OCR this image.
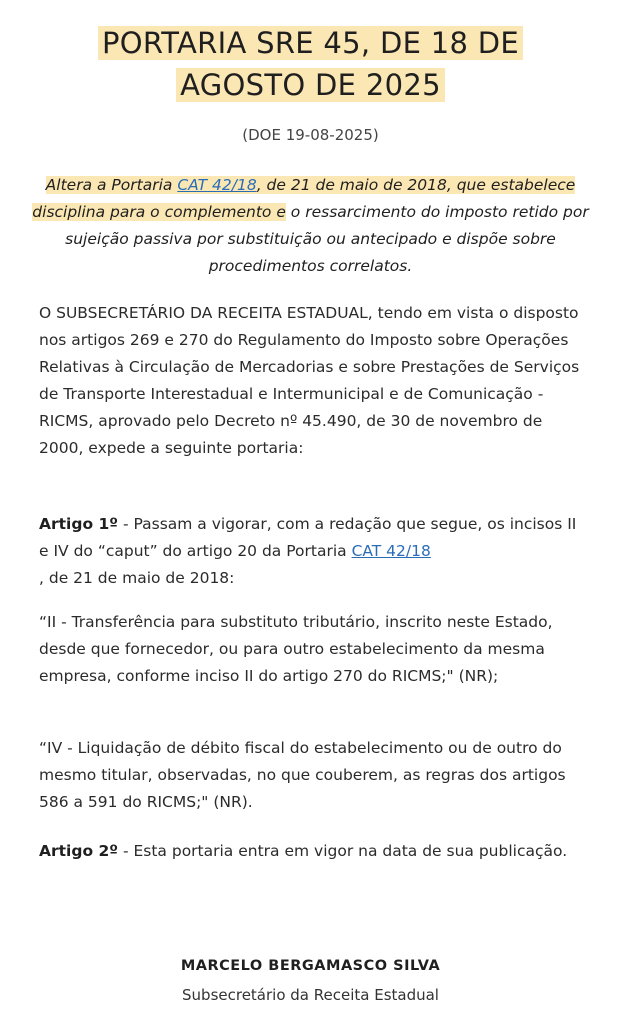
PORTARIA SRE 45, DE 18 DE
AGOSTO DE 2025

(DOE 19-08-2025)

Altera a Portaria CAT 42/18, de 21 de maio de 2018, que estabelece disciplina para o complemento e o ressarcimento do imposto retido por sujeição passiva por substituição ou antecipado e dispõe sobre procedimentos correlatos.

O SUBSECRETÁRIO DA RECEITA ESTADUAL, tendo em vista o disposto nos artigos 269 e 270 do Regulamento do Imposto sobre Operações Relativas à Circulação de Mercadorias e sobre Prestações de Serviços de Transporte Interestadual e Intermunicipal e de Comunicação - RICMS, aprovado pelo Decreto nº 45.490, de 30 de novembro de 2000, expede a seguinte portaria:

Artigo 1º - Passam a vigorar, com a redação que segue, os incisos II e IV do “caput” do artigo 20 da Portaria CAT 42/18
, de 21 de maio de 2018:

“II - Transferência para substituto tributário, inscrito neste Estado, desde que fornecedor, ou para outro estabelecimento da mesma empresa, conforme inciso II do artigo 270 do RICMS;" (NR);

“IV - Liquidação de débito fiscal do estabelecimento ou de outro do mesmo titular, observadas, no que couberem, as regras dos artigos 586 a 591 do RICMS;" (NR).

Artigo 2º - Esta portaria entra em vigor na data de sua publicação.

MARCELO BERGAMASCO SILVA

Subsecretário da Receita Estadual
